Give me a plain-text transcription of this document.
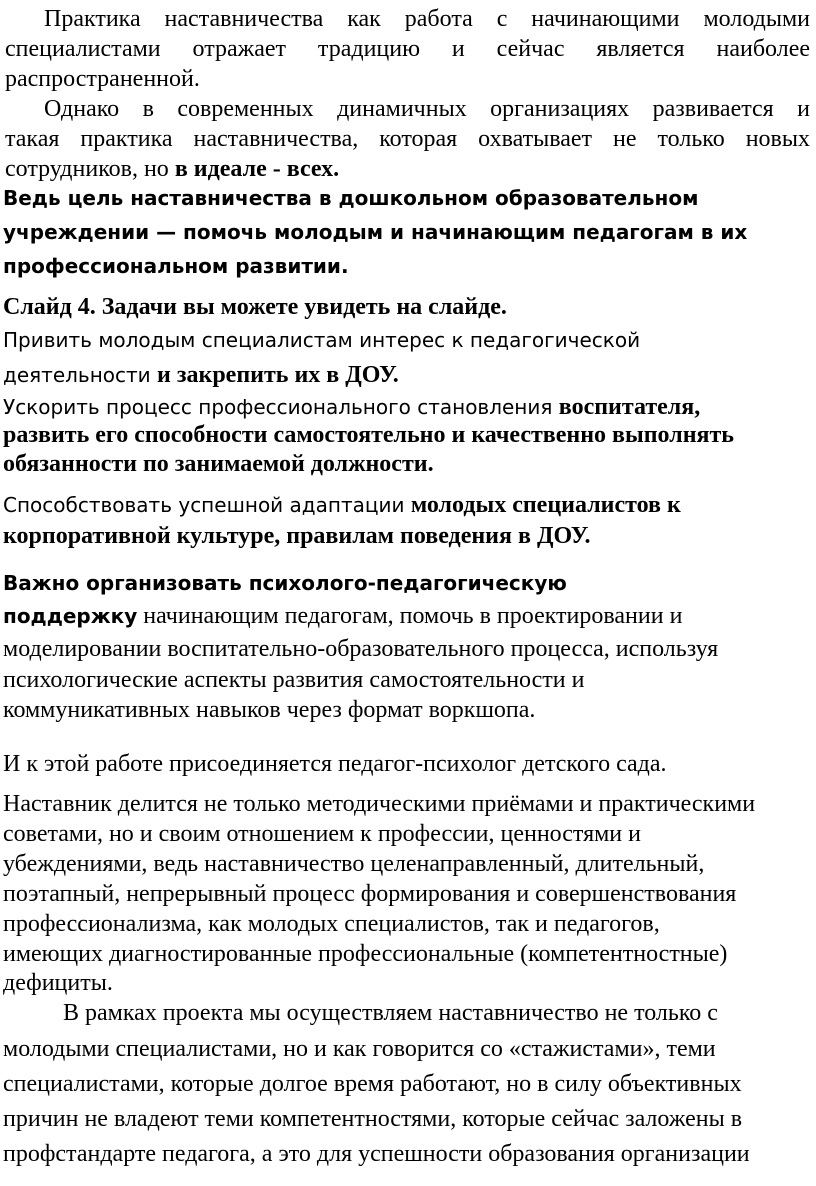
Практика наставничества как работа с начинающими молодыми
специалистами отражает традицию и сейчас является наиболее
распространенной.
Однако в современных динамичных организациях развивается и
такая практика наставничества, которая охватывает не только новых
сотрудников, но в идеале - всех.
Ведь цель наставничества в дошкольном образовательном
учреждении — помочь молодым и начинающим педагогам в их
профессиональном развитии.
Слайд 4. Задачи вы можете увидеть на слайде.
Привить молодым специалистам интерес к педагогической
деятельности и закрепить их в ДОУ.
Ускорить процесс профессионального становления воспитателя,
развить его способности самостоятельно и качественно выполнять
обязанности по занимаемой должности.
Способствовать успешной адаптации молодых специалистов к
корпоративной культуре, правилам поведения в ДОУ.
Важно организовать психолого-педагогическую
поддержку начинающим педагогам, помочь в проектировании и
моделировании воспитательно-образовательного процесса, используя
психологические аспекты развития самостоятельности и
коммуникативных навыков через формат воркшопа.
И к этой работе присоединяется педагог-психолог детского сада.
Наставник делится не только методическими приёмами и практическими
советами, но и своим отношением к профессии, ценностями и
убеждениями, ведь наставничество целенаправленный, длительный,
поэтапный, непрерывный процесс формирования и совершенствования
профессионализма, как молодых специалистов, так и педагогов,
имеющих диагностированные профессиональные (компетентностные)
дефициты.
В рамках проекта мы осуществляем наставничество не только с
молодыми специалистами, но и как говорится со «стажистами», теми
специалистами, которые долгое время работают, но в силу объективных
причин не владеют теми компетентностями, которые сейчас заложены в
профстандарте педагога, а это для успешности образования организации
